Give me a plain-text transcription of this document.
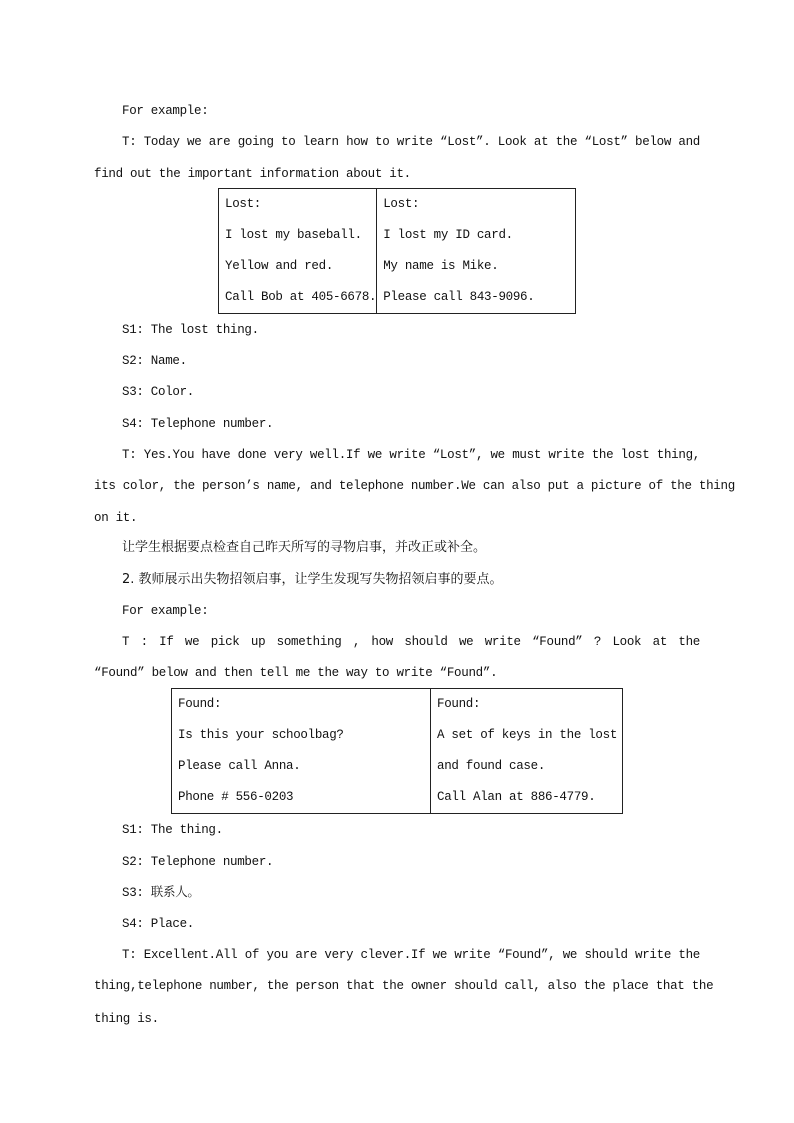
For example:
T: Today we are going to learn how to write “Lost”. Look at the “Lost” below and
find out the important information about it.
Lost:
I lost my baseball.
Yellow and red.
Call Bob at 405-6678.

Lost:
I lost my ID card.
My name is Mike.
Please call 843-9096.
S1: The lost thing.
S2: Name.
S3: Color.
S4: Telephone number.
T: Yes.You have done very well.If we write “Lost”, we must write the lost thing,
its color, the person’s name, and telephone number.We can also put a picture of the thing
on it.
让学生根据要点检查自己昨天所写的寻物启事，并改正或补全。
2. 教师展示出失物招领启事，让学生发现写失物招领启事的要点。
For example:
T : If we pick up something , how should we write “Found” ? Look at the
“Found” below and then tell me the way to write “Found”.
Found:
Is this your schoolbag?
Please call Anna.
Phone # 556-0203

Found:
A set of keys in the lost
and found case.
Call Alan at 886-4779.
S1: The thing.
S2: Telephone number.
S3: 联系人。
S4: Place.
T: Excellent.All of you are very clever.If we write “Found”, we should write the
thing,telephone number, the person that the owner should call, also the place that the
thing is.
